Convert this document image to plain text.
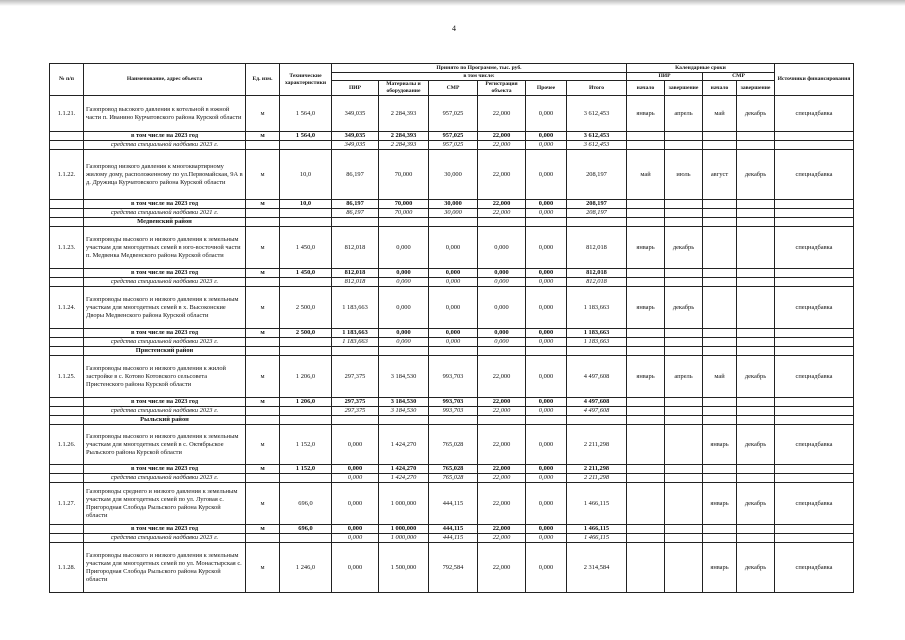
4
№ п/п	Наименование, адрес объекта	Ед. изм.	Технические характеристики	Принято по Программе, тыс. руб.						Календарные сроки				Источники финансирования
				в том числе:						ПИР		СМР		
				ПИР	Материалы и оборудование	СМР	Регистрация объекта	Прочее	Итого	начало	завершение	начало	завершение	

1.1.21.	Газопровод высокого давления к котельной в южной части п. Иванино Курчатовского района Курской области	м	1 564,0	349,035	2 284,393	957,025	22,000	0,000	3 612,453	январь	апрель	май	декабрь	спецнадбавка
	в том числе на 2023 год	м	1 564,0	349,035	2 284,393	957,025	22,000	0,000	3 612,453					
	средства специальной надбавки 2023 г.			349,035	2 284,393	957,025	22,000	0,000	3 612,453					
1.1.22.	Газопровод низкого давления к многоквартирному жилому дому, расположенному по ул.Первомайская, 9А в д. Дружица Курчатовского района Курской области	м	10,0	86,197	70,000	30,000	22,000	0,000	208,197	май	июль	август	декабрь	спецнадбавка
	в том числе на 2023 год	м	10,0	86,197	70,000	30,000	22,000	0,000	208,197					
	средства специальной надбавки 2021 г.			86,197	70,000	30,000	22,000	0,000	208,197					
	Медвенский район													
1.1.23.	Газопроводы высокого и низкого давления к земельным участкам для многодетных семей в юго-восточной части п. Медвенка Медвенского района Курской области	м	1 450,0	812,018	0,000	0,000	0,000	0,000	812,018	январь	декабрь			спецнадбавка
	в том числе на 2023 год	м	1 450,0	812,018	0,000	0,000	0,000	0,000	812,018					
	средства специальной надбавки 2023 г.			812,018	0,000	0,000	0,000	0,000	812,018					
1.1.24.	Газопроводы высокого и низкого давления к земельным участкам для многодетных семей в х. Высоконские Дворы Медвенского района Курской области	м	2 500,0	1 183,663	0,000	0,000	0,000	0,000	1 183,663	январь	декабрь			спецнадбавка
	в том числе на 2023 год	м	2 500,0	1 183,663	0,000	0,000	0,000	0,000	1 183,663					
	средства специальной надбавки 2023 г.			1 183,663	0,000	0,000	0,000	0,000	1 183,663					
	Пристенский район													
1.1.25.	Газопроводы высокого и низкого давления к жилой застройке в с. Котово Котовского сельсовета Пристенского района Курской области	м	1 206,0	297,375	3 184,530	993,703	22,000	0,000	4 497,608	январь	апрель	май	декабрь	спецнадбавка
	в том числе на 2023 год	м	1 206,0	297,375	3 184,530	993,703	22,000	0,000	4 497,608					
	средства специальной надбавки 2023 г.			297,375	3 184,530	993,703	22,000	0,000	4 497,608					
	Рыльский район													
1.1.26.	Газопроводы высокого и низкого давления к земельным участкам для многодетных семей в с. Октябрьское Рыльского района Курской области	м	1 152,0	0,000	1 424,270	765,028	22,000	0,000	2 211,298			январь	декабрь	спецнадбавка
	в том числе на 2023 год	м	1 152,0	0,000	1 424,270	765,028	22,000	0,000	2 211,298					
	средства специальной надбавки 2023 г.			0,000	1 424,270	765,028	22,000	0,000	2 211,298					
1.1.27.	Газопроводы среднего и низкого давления к земельным участкам для многодетных семей по ул. Луговая с. Пригородная Слобода Рыльского района Курской области	м	696,0	0,000	1 000,000	444,115	22,000	0,000	1 466,115			январь	декабрь	спецнадбавка
	в том числе на 2023 год	м	696,0	0,000	1 000,000	444,115	22,000	0,000	1 466,115					
	средства специальной надбавки 2023 г.			0,000	1 000,000	444,115	22,000	0,000	1 466,115					
1.1.28.	Газопроводы высокого и низкого давления к земельным участкам для многодетных семей по ул. Монастырская с. Пригородная Слобода Рыльского района Курской области	м	1 246,0	0,000	1 500,000	792,584	22,000	0,000	2 314,584			январь	декабрь	спецнадбавка
